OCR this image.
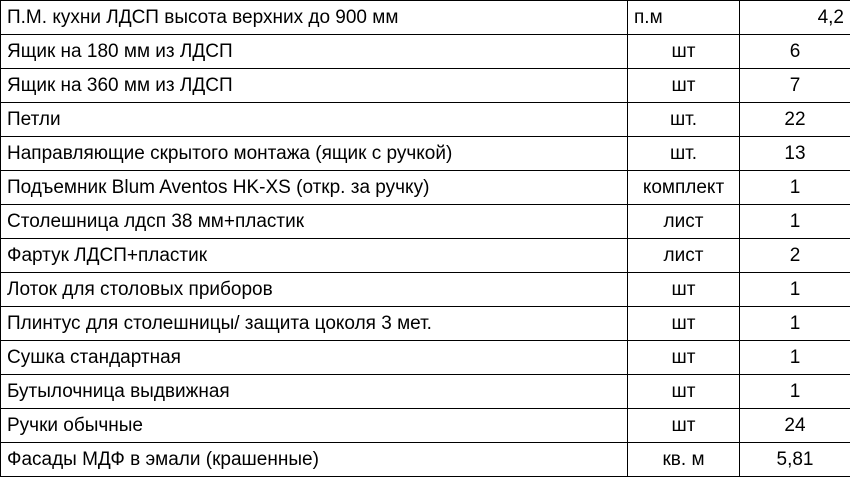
П.М. кухни ЛДСП высота верхних до 900 мм	п.м	4,2
Ящик на 180 мм из ЛДСП	шт	6
Ящик на 360 мм из ЛДСП	шт	7
Петли	шт.	22
Направляющие скрытого монтажа (ящик с ручкой)	шт.	13
Подъемник Blum Aventos HK-XS (откр. за ручку)	комплект	1
Столешница лдсп 38 мм+пластик	лист	1
Фартук ЛДСП+пластик	лист	2
Лоток для столовых приборов	шт	1
Плинтус для столешницы/ защита цоколя 3 мет.	шт	1
Сушка стандартная	шт	1
Бутылочница выдвижная	шт	1
Ручки обычные	шт	24
Фасады МДФ в эмали (крашенные)	кв. м	5,81
